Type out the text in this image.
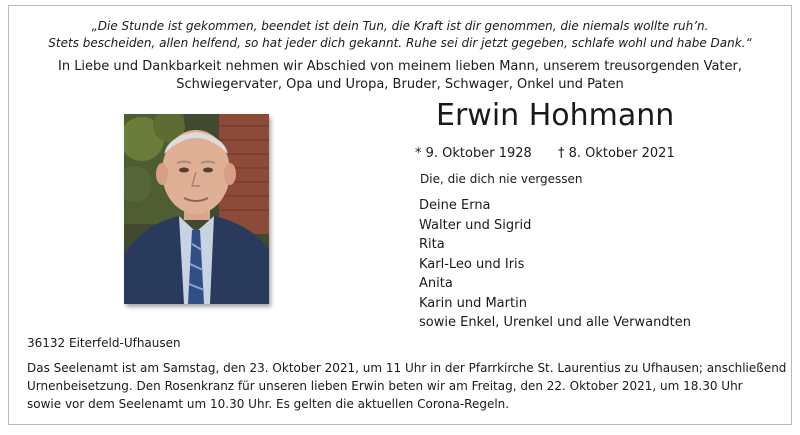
„Die Stunde ist gekommen, beendet ist dein Tun, die Kraft ist dir genommen, die niemals wollte ruh’n.
Stets bescheiden, allen helfend, so hat jeder dich gekannt. Ruhe sei dir jetzt gegeben, schlafe wohl und habe Dank.“
In Liebe und Dankbarkeit nehmen wir Abschied von meinem lieben Mann, unserem treusorgenden Vater,
Schwiegervater, Opa und Uropa, Bruder, Schwager, Onkel und Paten
Erwin Hohmann
* 9. Oktober 1928 † 8. Oktober 2021
Die, die dich nie vergessen
Deine Erna
Walter und Sigrid
Rita
Karl-Leo und Iris
Anita
Karin und Martin
sowie Enkel, Urenkel und alle Verwandten
36132 Eiterfeld-Ufhausen
Das Seelenamt ist am Samstag, den 23. Oktober 2021, um 11 Uhr in der Pfarrkirche St. Laurentius zu Ufhausen; anschließend
Urnenbeisetzung. Den Rosenkranz für unseren lieben Erwin beten wir am Freitag, den 22. Oktober 2021, um 18.30 Uhr
sowie vor dem Seelenamt um 10.30 Uhr. Es gelten die aktuellen Corona-Regeln.
